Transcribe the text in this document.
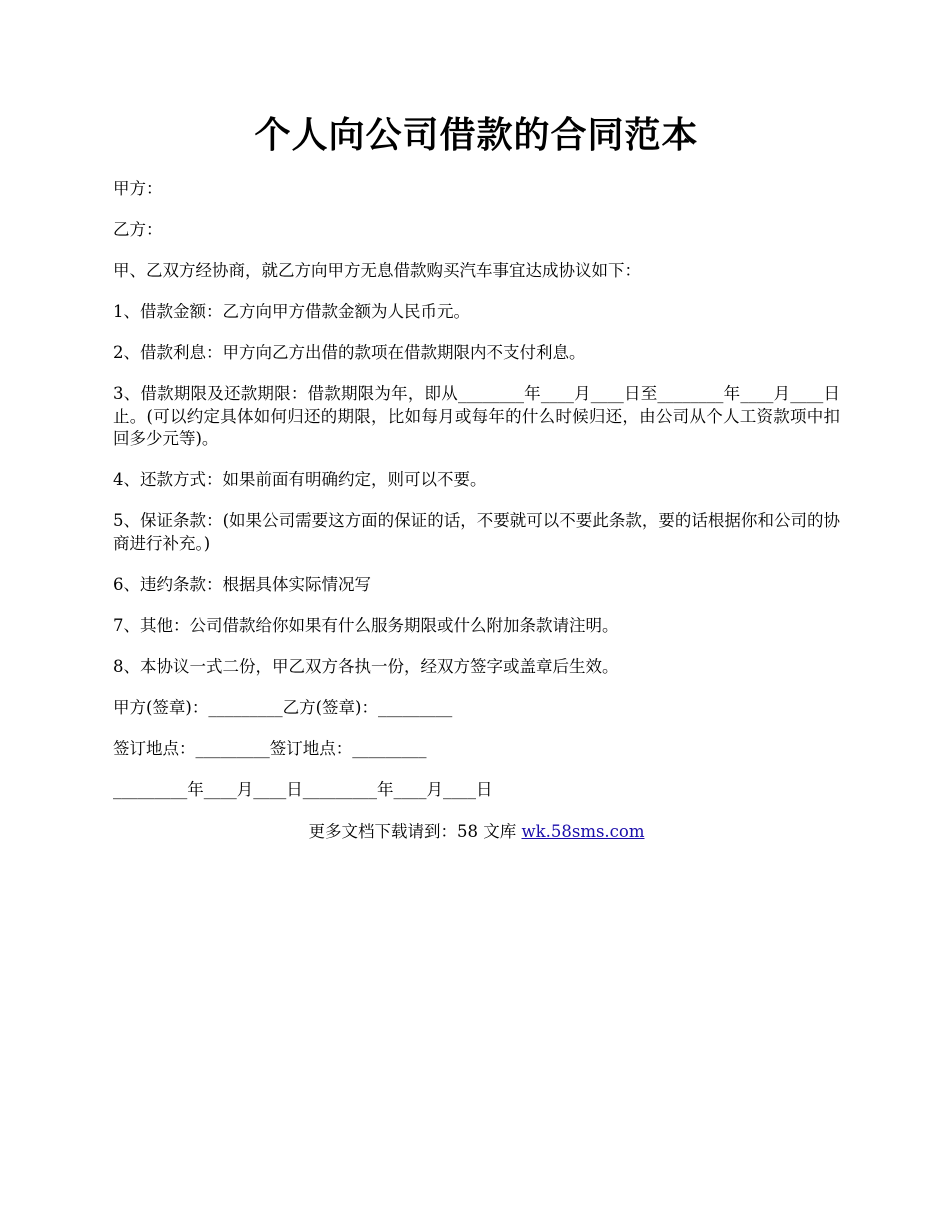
个人向公司借款的合同范本

甲方：

乙方：

甲、乙双方经协商，就乙方向甲方无息借款购买汽车事宜达成协议如下：

1、借款金额：乙方向甲方借款金额为人民币元。

2、借款利息：甲方向乙方出借的款项在借款期限内不支付利息。

3、借款期限及还款期限：借款期限为年，即从________年____月____日至________年____月____日止。(可以约定具体如何归还的期限，比如每月或每年的什么时候归还，由公司从个人工资款项中扣回多少元等)。

4、还款方式：如果前面有明确约定，则可以不要。

5、保证条款：(如果公司需要这方面的保证的话，不要就可以不要此条款，要的话根据你和公司的协商进行补充。)

6、违约条款：根据具体实际情况写

7、其他：公司借款给你如果有什么服务期限或什么附加条款请注明。

8、本协议一式二份，甲乙双方各执一份，经双方签字或盖章后生效。

甲方(签章)：_________乙方(签章)：_________

签订地点：_________签订地点：_________

_________年____月____日_________年____月____日

更多文档下载请到：58 文库 wk.58sms.com
